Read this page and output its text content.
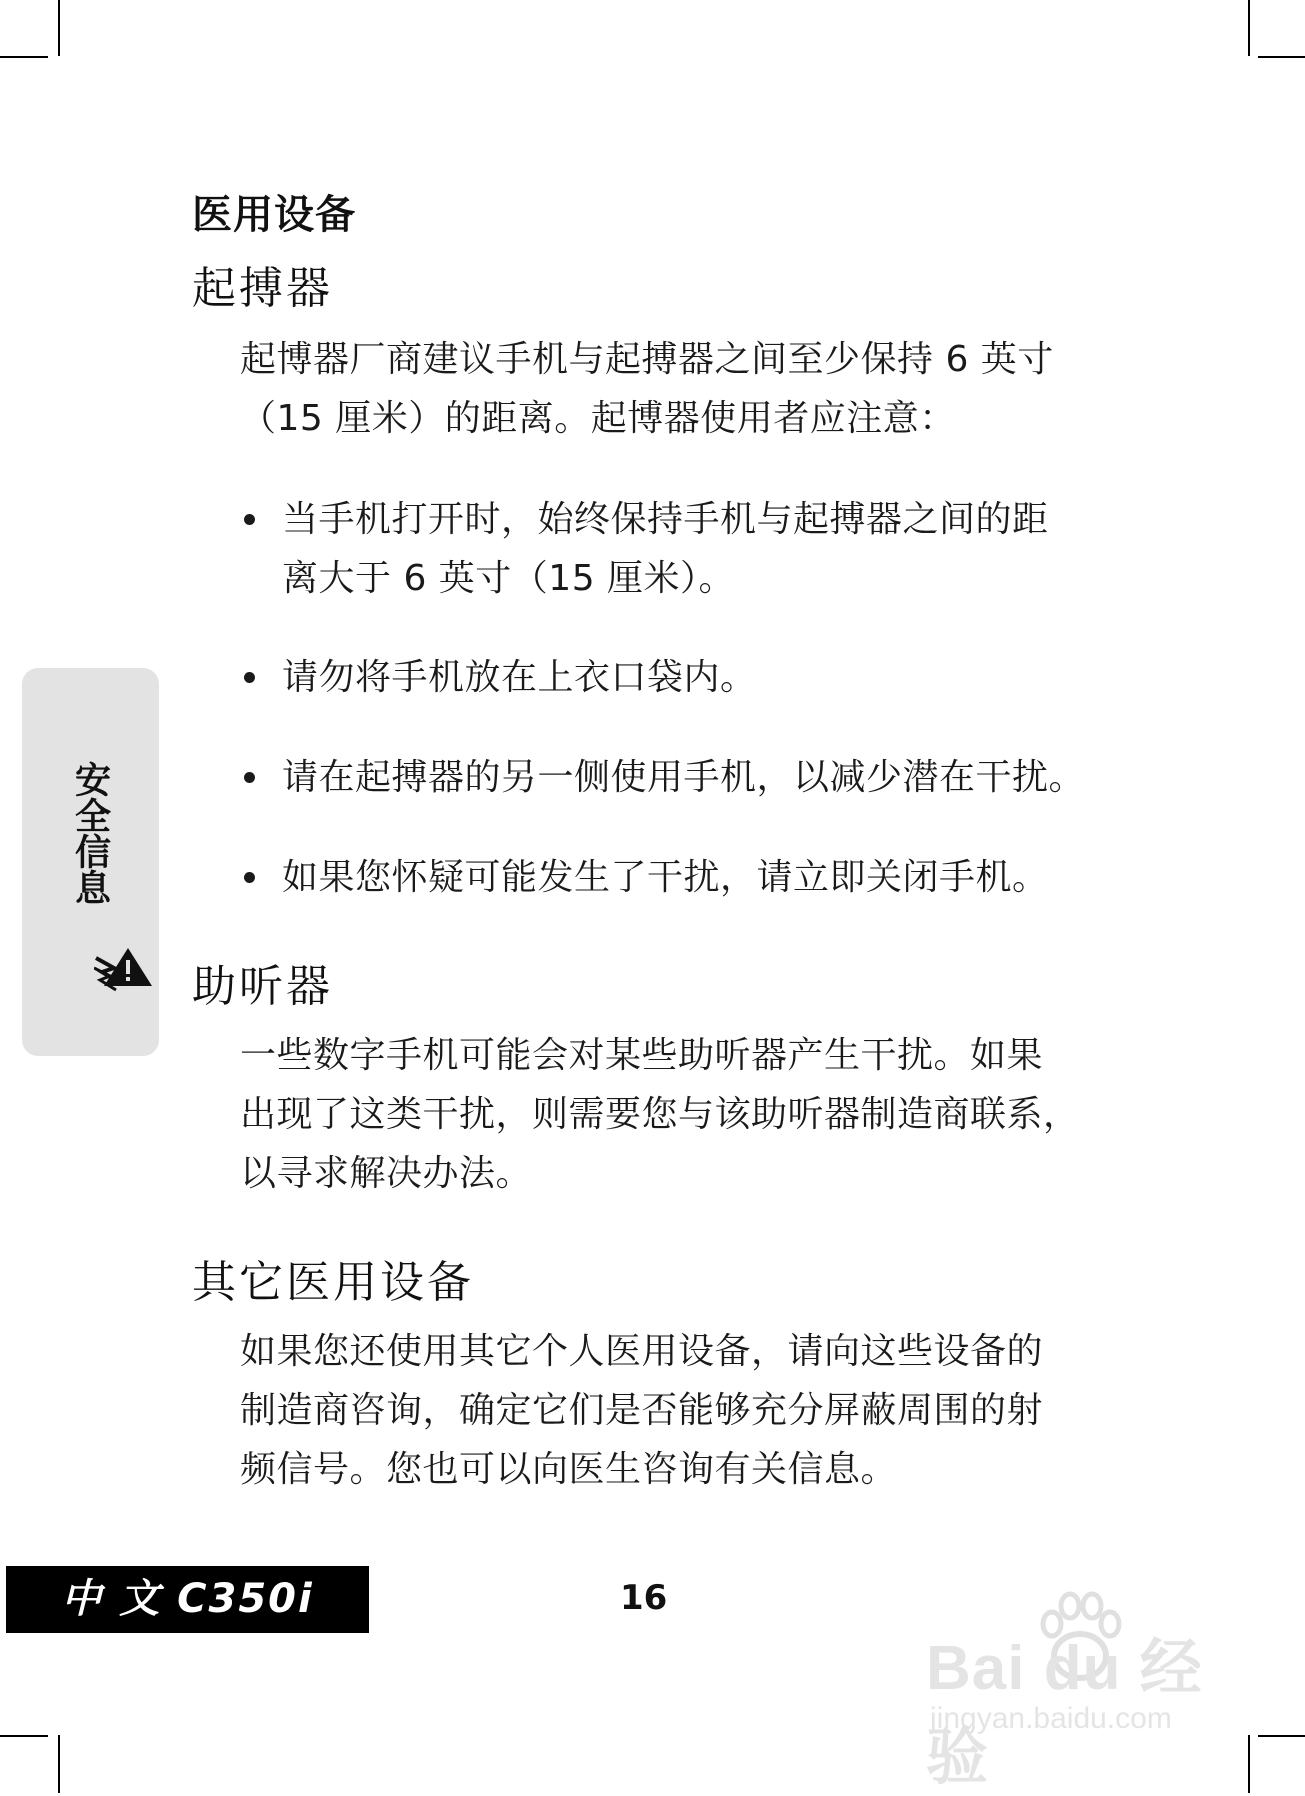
医用设备
起搏器

起博器厂商建议手机与起搏器之间至少保持 6 英寸
（15 厘米）的距离。起博器使用者应注意：

当手机打开时，始终保持手机与起搏器之间的距
离大于 6 英寸（15 厘米）。
请勿将手机放在上衣口袋内。
请在起搏器的另一侧使用手机，以减少潜在干扰。
如果您怀疑可能发生了干扰，请立即关闭手机。
助听器

一些数字手机可能会对某些助听器产生干扰。如果
出现了这类干扰，则需要您与该助听器制造商联系，
以寻求解决办法。

其它医用设备

如果您还使用其它个人医用设备，请向这些设备的
制造商咨询，确定它们是否能够充分屏蔽周围的射
频信号。您也可以向医生咨询有关信息。

安
全
信
息
中 文 C350i	16
Bai du 经验
jingyan.baidu.com
